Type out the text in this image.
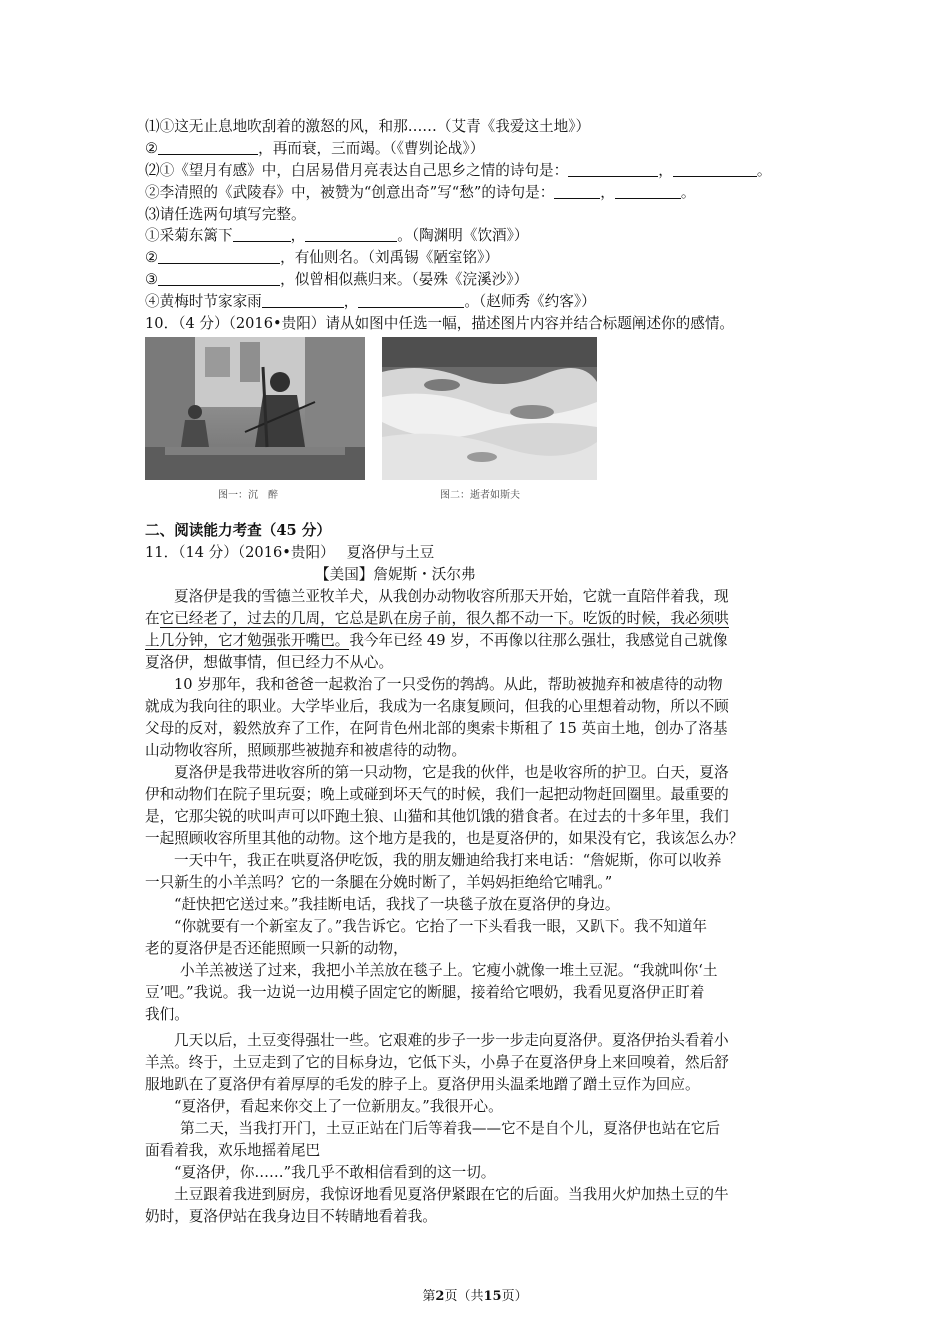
⑴①这无止息地吹刮着的激怒的风，和那……（艾青《我爱这土地》）
②	，再而衰，三而竭。（《曹刿论战》）
⑵①《望月有感》中，白居易借月亮表达自己思乡之情的诗句是：	，	。
②李清照的《武陵春》中，被赞为“创意出奇”写“愁”的诗句是：	，	。
⑶请任选两句填写完整。
①采菊东篱下	，	。（陶渊明《饮酒》）
②	，有仙则名。（刘禹锡《陋室铭》）
③	，似曾相似燕归来。（晏殊《浣溪沙》）
④黄梅时节家家雨	，	。（赵师秀《约客》）
10．（4 分）（2016•贵阳）请从如图中任选一幅，描述图片内容并结合标题阐述你的感情。
图一：沉　醉	图二：逝者如斯夫
二、阅读能力考查（45 分）
11．（14 分）（2016•贵阳）　 夏洛伊与土豆
【美国】詹妮斯・沃尔弗
夏洛伊是我的雪德兰亚牧羊犬，从我创办动物收容所那天开始，它就一直陪伴着我，现
在它已经老了，过去的几周，它总是趴在房子前，很久都不动一下。吃饭的时候，我必须哄
上几分钟，它才勉强张开嘴巴。我今年已经 49 岁，不再像以往那么强壮，我感觉自己就像
夏洛伊，想做事情，但已经力不从心。
10 岁那年，我和爸爸一起救治了一只受伤的鹁鸪。从此，帮助被抛弃和被虐待的动物
就成为我向往的职业。大学毕业后，我成为一名康复顾问，但我的心里想着动物，所以不顾
父母的反对，毅然放弃了工作，在阿肯色州北部的奥索卡斯租了 15 英亩土地，创办了洛基
山动物收容所，照顾那些被抛弃和被虐待的动物。
夏洛伊是我带进收容所的第一只动物，它是我的伙伴，也是收容所的护卫。白天，夏洛
伊和动物们在院子里玩耍；晚上或碰到坏天气的时候，我们一起把动物赶回圈里。最重要的
是，它那尖锐的吠叫声可以吓跑土狼、山猫和其他饥饿的猎食者。在过去的十多年里，我们
一起照顾收容所里其他的动物。这个地方是我的，也是夏洛伊的，如果没有它，我该怎么办？
一天中午，我正在哄夏洛伊吃饭，我的朋友姗迪给我打来电话：“詹妮斯，你可以收养
一只新生的小羊羔吗？它的一条腿在分娩时断了，羊妈妈拒绝给它哺乳。”
“赶快把它送过来。”我挂断电话，我找了一块毯子放在夏洛伊的身边。
“你就要有一个新室友了。”我告诉它。它抬了一下头看我一眼，又趴下。我不知道年
老的夏洛伊是否还能照顾一只新的动物，
小羊羔被送了过来，我把小羊羔放在毯子上。它瘦小就像一堆土豆泥。“我就叫你‘土
豆’吧。”我说。我一边说一边用模子固定它的断腿，接着给它喂奶，我看见夏洛伊正盯着
我们。
几天以后，土豆变得强壮一些。它艰难的步子一步一步走向夏洛伊。夏洛伊抬头看着小
羊羔。终于，土豆走到了它的目标身边，它低下头，小鼻子在夏洛伊身上来回嗅着，然后舒
服地趴在了夏洛伊有着厚厚的毛发的脖子上。夏洛伊用头温柔地蹭了蹭土豆作为回应。
“夏洛伊，看起来你交上了一位新朋友。”我很开心。
第二天，当我打开门，土豆正站在门后等着我——它不是自个儿，夏洛伊也站在它后
面看着我，欢乐地摇着尾巴
“夏洛伊，你……”我几乎不敢相信看到的这一切。
土豆跟着我进到厨房，我惊讶地看见夏洛伊紧跟在它的后面。当我用火炉加热土豆的牛
奶时，夏洛伊站在我身边目不转睛地看着我。
第2页（共15页）
